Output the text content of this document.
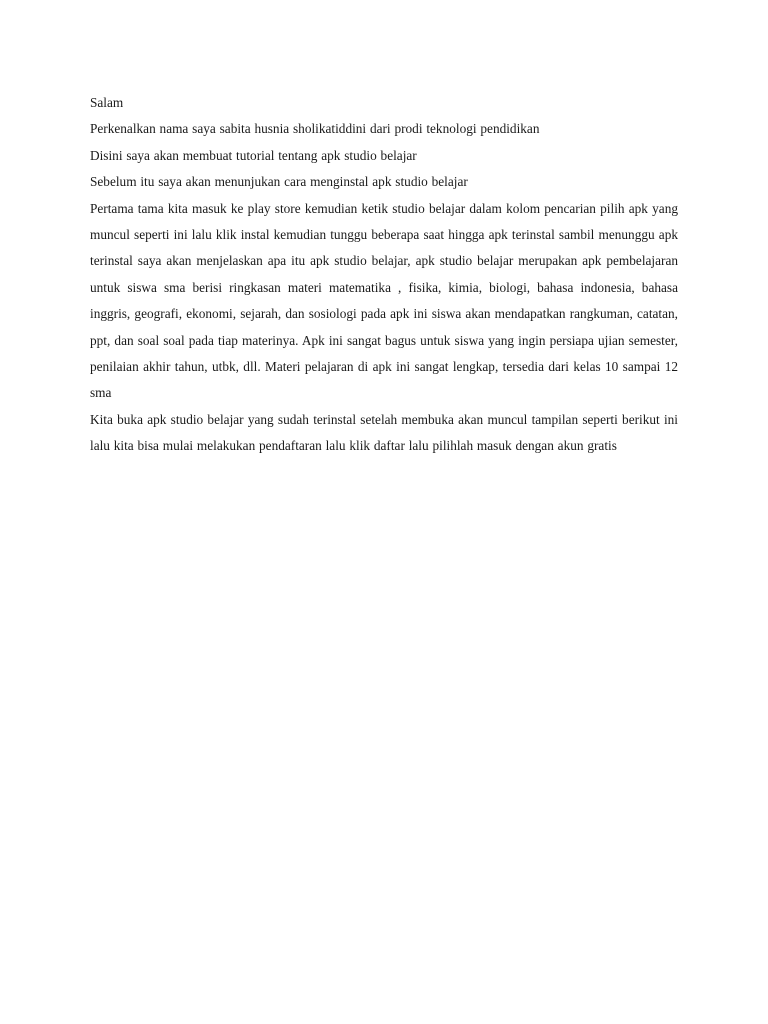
Salam

Perkenalkan nama saya sabita husnia sholikatiddini dari prodi teknologi pendidikan

Disini saya akan membuat tutorial tentang apk studio belajar

Sebelum itu saya akan menunjukan cara menginstal apk studio belajar

Pertama tama kita masuk ke play store kemudian ketik studio belajar dalam kolom pencarian pilih apk yang muncul seperti ini lalu klik instal kemudian tunggu beberapa saat hingga apk terinstal sambil menunggu apk terinstal saya akan menjelaskan apa itu apk studio belajar, apk studio belajar merupakan apk pembelajaran untuk siswa sma berisi ringkasan materi matematika , fisika, kimia, biologi, bahasa indonesia, bahasa inggris, geografi, ekonomi, sejarah, dan sosiologi pada apk ini siswa akan mendapatkan rangkuman, catatan, ppt, dan soal soal pada tiap materinya. Apk ini sangat bagus untuk siswa yang ingin persiapa ujian semester, penilaian akhir tahun, utbk, dll. Materi pelajaran di apk ini sangat lengkap, tersedia dari kelas 10 sampai 12 sma

Kita buka apk studio belajar yang sudah terinstal setelah membuka akan muncul tampilan seperti berikut ini lalu kita bisa mulai melakukan pendaftaran lalu klik daftar lalu pilihlah masuk dengan akun gratis
